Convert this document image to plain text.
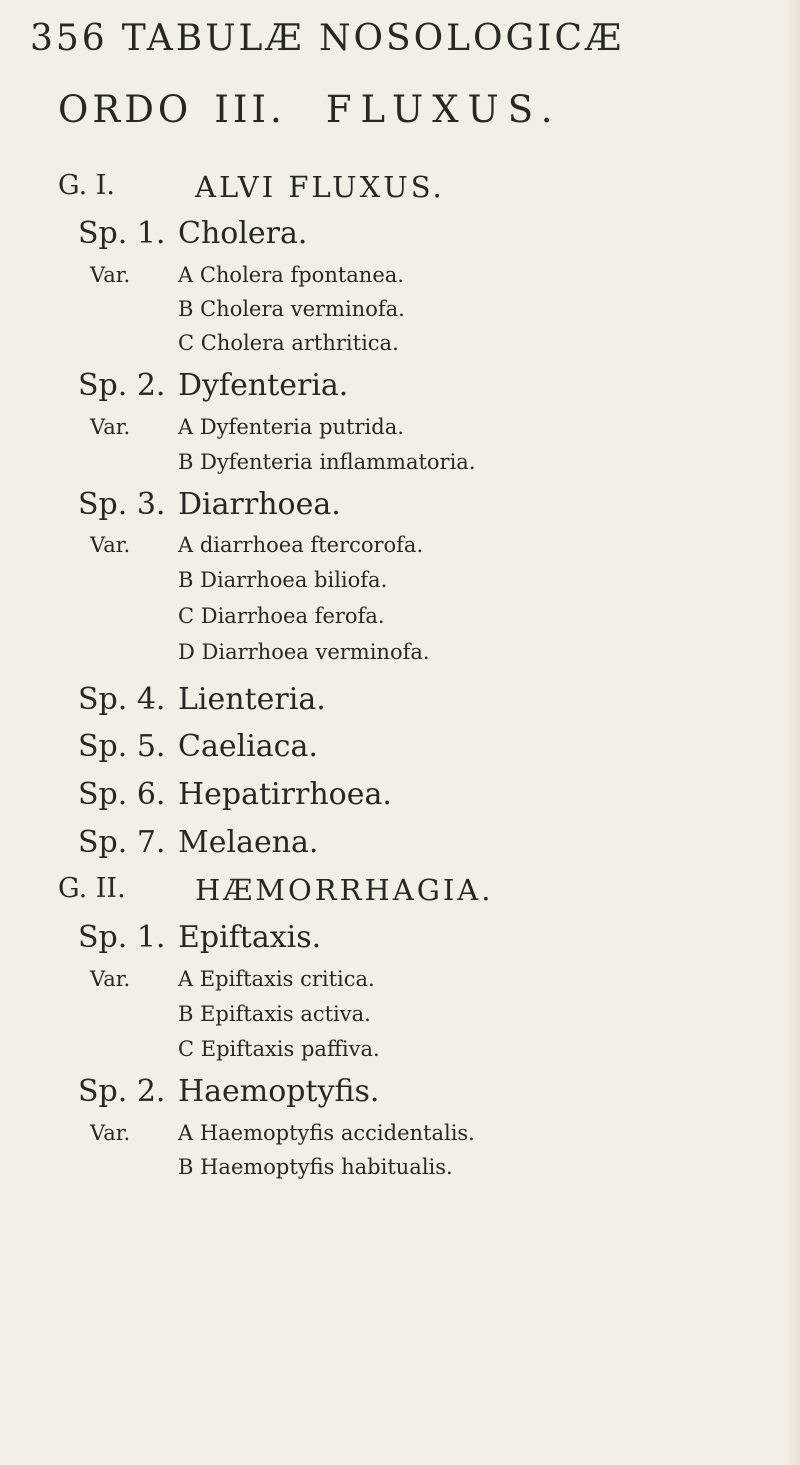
356 TABULÆ NOSOLOGICÆ
ORDO III. FLUXUS.
G. I.	ALVI FLUXUS.
Sp. 1. Cholera.
Var. A Cholera fpontanea.
B Cholera verminofa.
C Cholera arthritica.
Sp. 2. Dyfenteria.
Var. A Dyfenteria putrida.
B Dyfenteria inflammatoria.
Sp. 3. Diarrhoea.
Var. A diarrhoea ftercorofa.
B Diarrhoea biliofa.
C Diarrhoea ferofa.
D Diarrhoea verminofa.
Sp. 4. Lienteria.
Sp. 5. Caeliaca.
Sp. 6. Hepatirrhoea.
Sp. 7. Melaena.
G. II. HÆMORRHAGIA.
Sp. 1. Epiftaxis.
Var. A Epiftaxis critica.
B Epiftaxis activa.
C Epiftaxis paffiva.
Sp. 2. Haemoptyfis.
Var. A Haemoptyfis accidentalis.
B Haemoptyfis habitualis.
